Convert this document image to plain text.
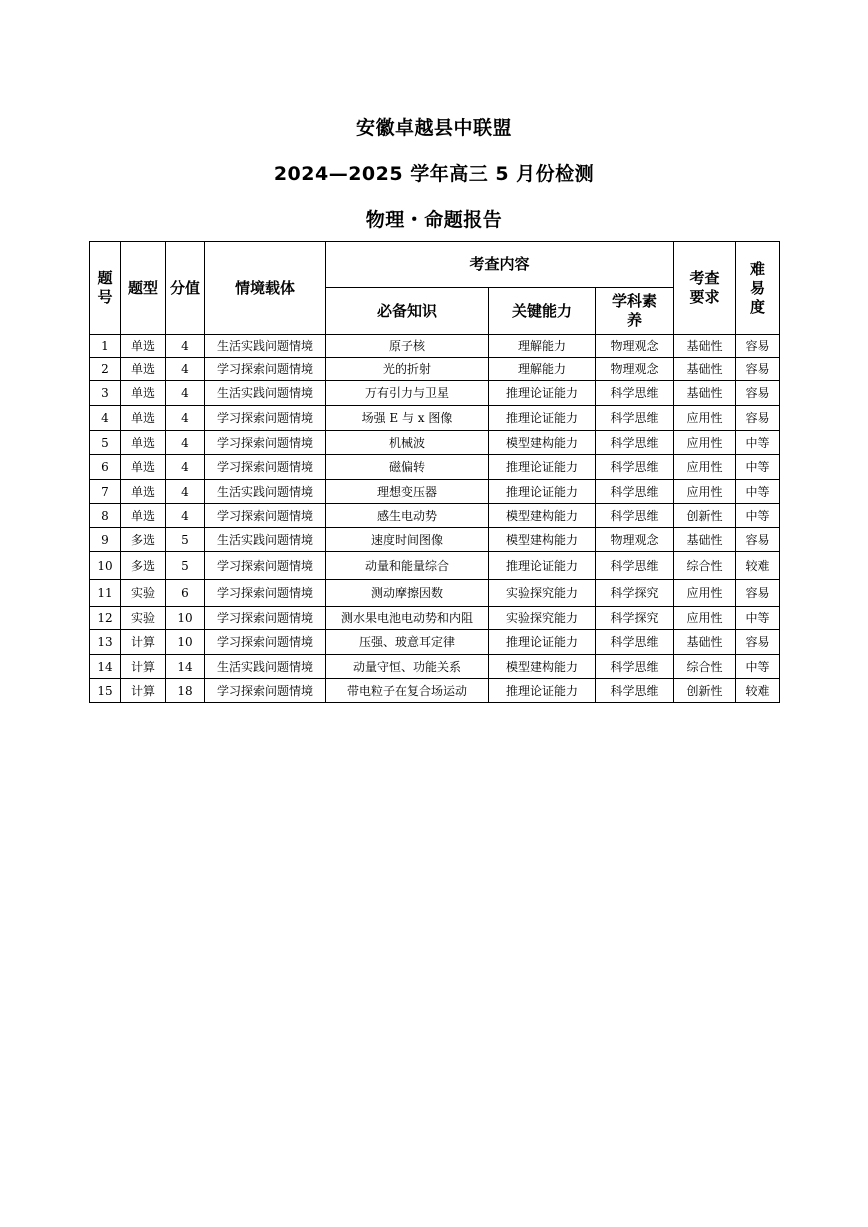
安徽卓越县中联盟
2024—2025 学年高三 5 月份检测
物理・命题报告
题号	题型	分值	情境载体	考查内容			考查要求	难易度
				必备知识	关键能力	学科素养		
1	单选	4	生活实践问题情境	原子核	理解能力	物理观念	基础性	容易
2	单选	4	学习探索问题情境	光的折射	理解能力	物理观念	基础性	容易
3	单选	4	生活实践问题情境	万有引力与卫星	推理论证能力	科学思维	基础性	容易
4	单选	4	学习探索问题情境	场强 E 与 x 图像	推理论证能力	科学思维	应用性	容易
5	单选	4	学习探索问题情境	机械波	模型建构能力	科学思维	应用性	中等
6	单选	4	学习探索问题情境	磁偏转	推理论证能力	科学思维	应用性	中等
7	单选	4	生活实践问题情境	理想变压器	推理论证能力	科学思维	应用性	中等
8	单选	4	学习探索问题情境	感生电动势	模型建构能力	科学思维	创新性	中等
9	多选	5	生活实践问题情境	速度时间图像	模型建构能力	物理观念	基础性	容易
10	多选	5	学习探索问题情境	动量和能量综合	推理论证能力	科学思维	综合性	较难
11	实验	6	学习探索问题情境	测动摩擦因数	实验探究能力	科学探究	应用性	容易
12	实验	10	学习探索问题情境	测水果电池电动势和内阻	实验探究能力	科学探究	应用性	中等
13	计算	10	学习探索问题情境	压强、玻意耳定律	推理论证能力	科学思维	基础性	容易
14	计算	14	生活实践问题情境	动量守恒、功能关系	模型建构能力	科学思维	综合性	中等
15	计算	18	学习探索问题情境	带电粒子在复合场运动	推理论证能力	科学思维	创新性	较难
